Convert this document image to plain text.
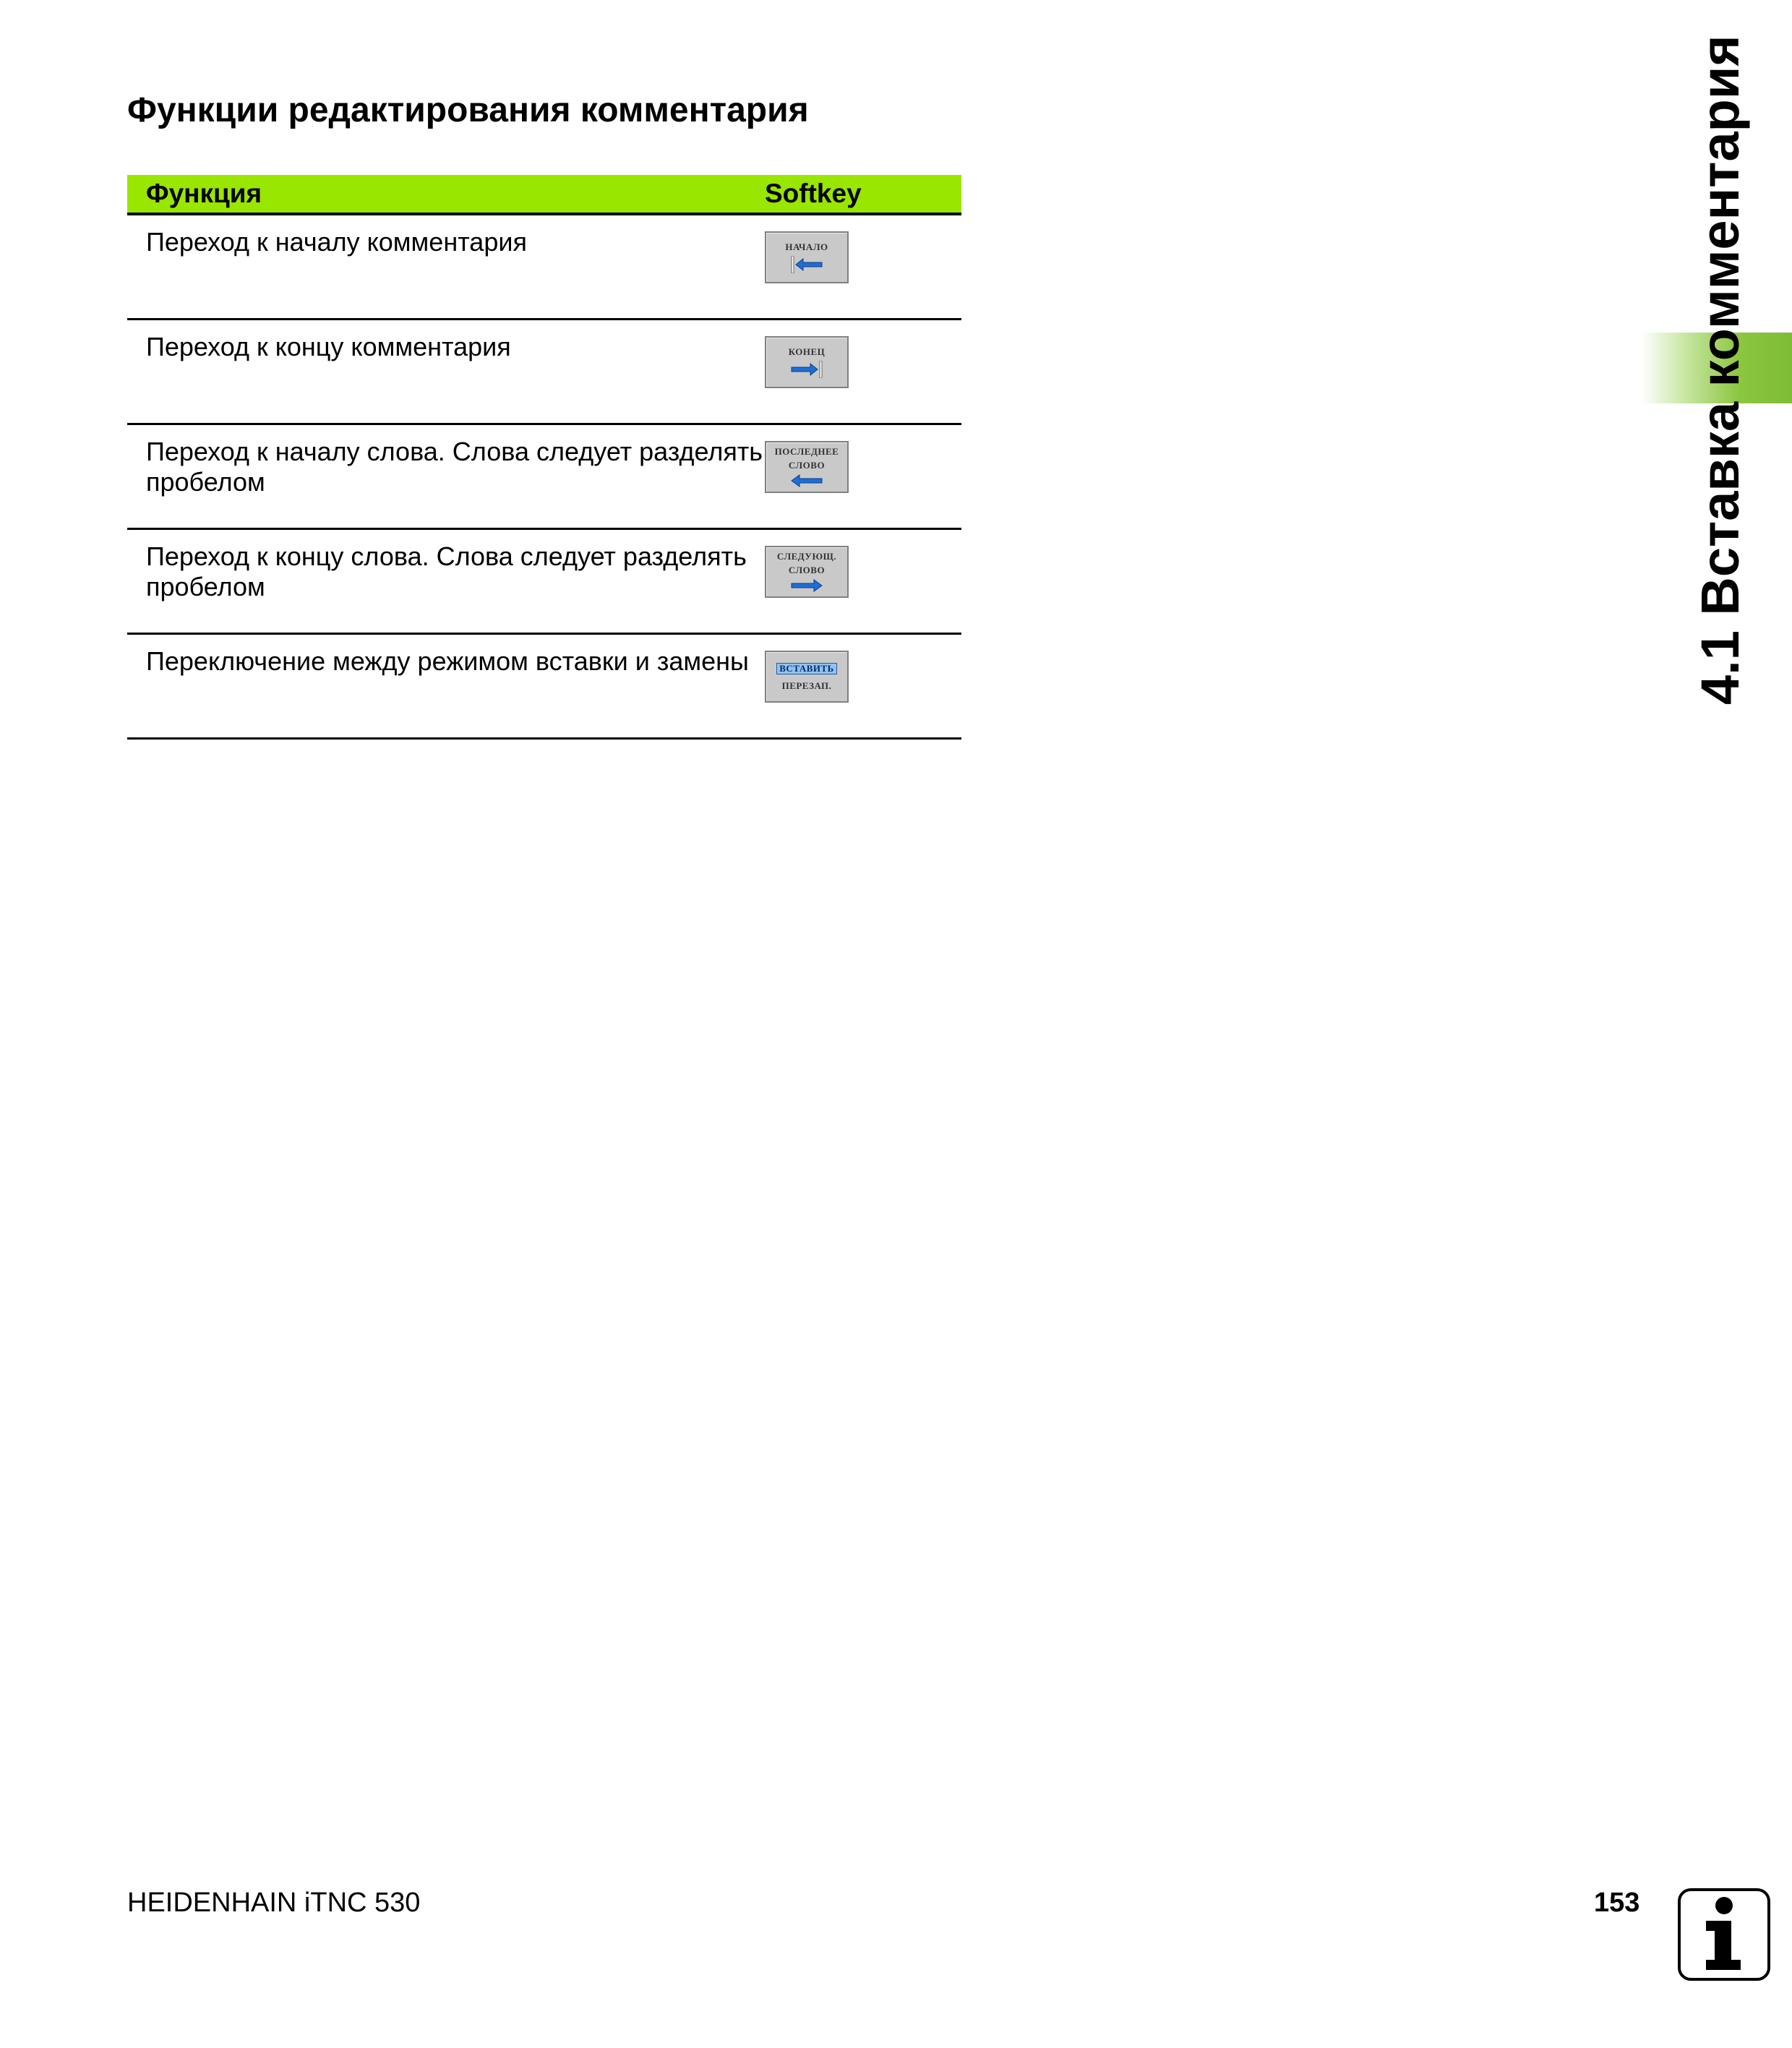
Функции редактирования комментария
Функция	Softkey
Переход к началу комментария	НАЧАЛО

Переход к концу комментария	КОНЕЦ

Переход к началу слова. Слова следует разделять пробелом	ПОСЛЕДНЕЕ
СЛОВО

Переход к концу слова. Слова следует разделять пробелом	СЛЕДУЮЩ.
СЛОВО

Переключение между режимом вставки и замены	ВСТАВИТЬ
ПЕРЕЗАП.	4.1 Вставка комментария
HEIDENHAIN iTNC 530	153
